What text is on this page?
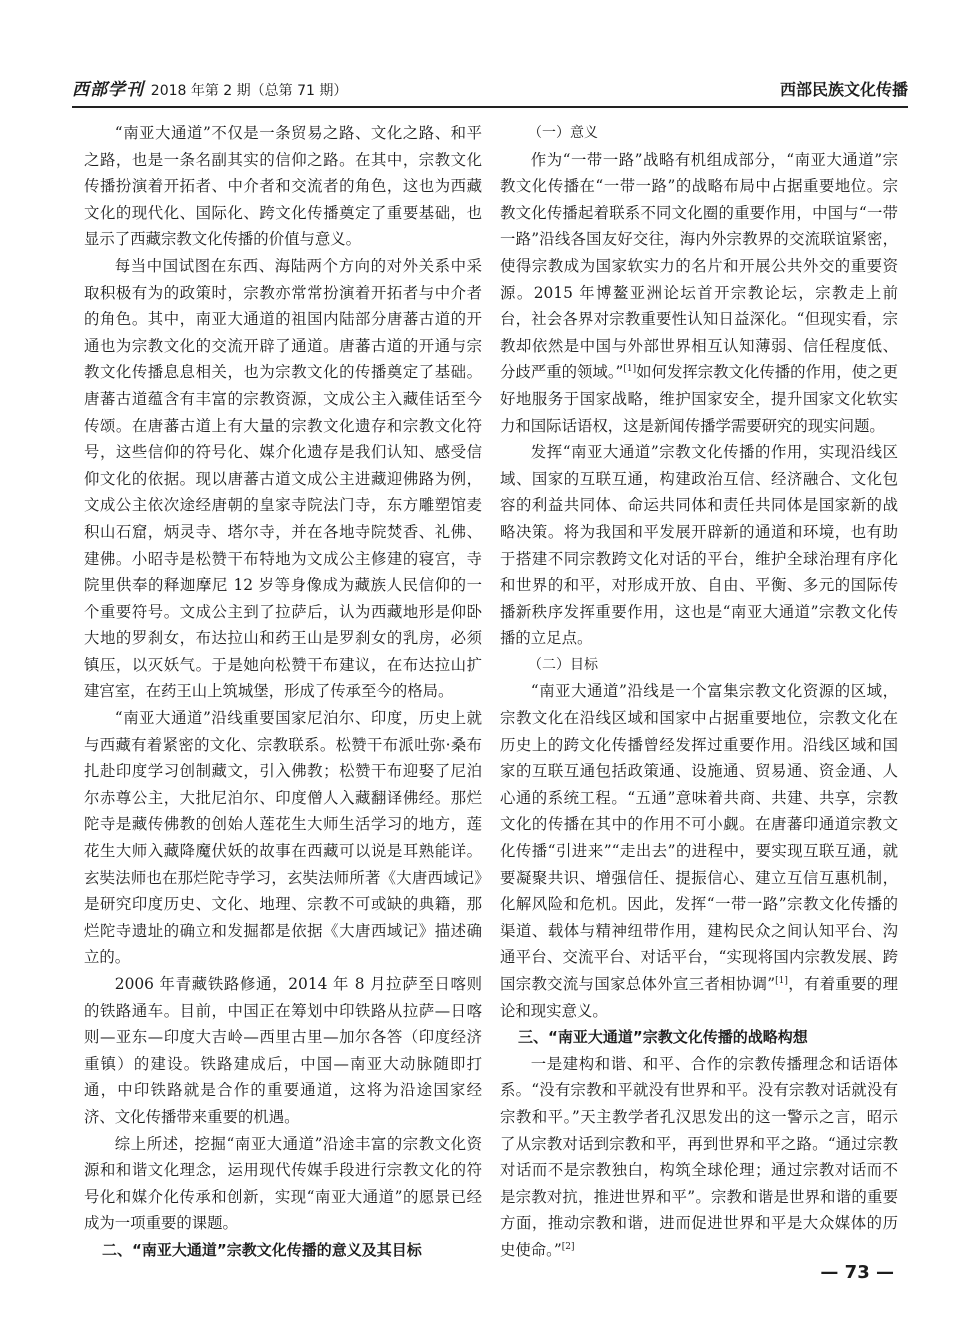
西部学刊 2018 年第 2 期（总第 71 期）	西部民族文化传播

“南亚大通道”不仅是一条贸易之路、文化之路、和平之路，也是一条名副其实的信仰之路。在其中，宗教文化传播扮演着开拓者、中介者和交流者的角色，这也为西藏文化的现代化、国际化、跨文化传播奠定了重要基础，也显示了西藏宗教文化传播的价值与意义。

每当中国试图在东西、海陆两个方向的对外关系中采取积极有为的政策时，宗教亦常常扮演着开拓者与中介者的角色。其中，南亚大通道的祖国内陆部分唐蕃古道的开通也为宗教文化的交流开辟了通道。唐蕃古道的开通与宗教文化传播息息相关，也为宗教文化的传播奠定了基础。唐蕃古道蕴含有丰富的宗教资源，文成公主入藏佳话至今传颂。在唐蕃古道上有大量的宗教文化遗存和宗教文化符号，这些信仰的符号化、媒介化遗存是我们认知、感受信仰文化的依据。现以唐蕃古道文成公主进藏迎佛路为例，文成公主依次途经唐朝的皇家寺院法门寺，东方雕塑馆麦积山石窟，炳灵寺、塔尔寺，并在各地寺院焚香、礼佛、建佛。小昭寺是松赞干布特地为文成公主修建的寝宫，寺院里供奉的释迦摩尼 12 岁等身像成为藏族人民信仰的一个重要符号。文成公主到了拉萨后，认为西藏地形是仰卧大地的罗刹女，布达拉山和药王山是罗刹女的乳房，必须镇压，以灭妖气。于是她向松赞干布建议，在布达拉山扩建宫室，在药王山上筑城堡，形成了传承至今的格局。

“南亚大通道”沿线重要国家尼泊尔、印度，历史上就与西藏有着紧密的文化、宗教联系。松赞干布派吐弥·桑布扎赴印度学习创制藏文，引入佛教；松赞干布迎娶了尼泊尔赤尊公主，大批尼泊尔、印度僧人入藏翻译佛经。那烂陀寺是藏传佛教的创始人莲花生大师生活学习的地方，莲花生大师入藏降魔伏妖的故事在西藏可以说是耳熟能详。玄奘法师也在那烂陀寺学习，玄奘法师所著《大唐西域记》是研究印度历史、文化、地理、宗教不可或缺的典籍，那烂陀寺遗址的确立和发掘都是依据《大唐西域记》描述确立的。

2006 年青藏铁路修通，2014 年 8 月拉萨至日喀则的铁路通车。目前，中国正在筹划中印铁路从拉萨—日喀则—亚东—印度大吉岭—西里古里—加尔各答（印度经济重镇）的建设。铁路建成后，中国—南亚大动脉随即打通，中印铁路就是合作的重要通道，这将为沿途国家经济、文化传播带来重要的机遇。

综上所述，挖掘“南亚大通道”沿途丰富的宗教文化资源和和谐文化理念，运用现代传媒手段进行宗教文化的符号化和媒介化传承和创新，实现“南亚大通道”的愿景已经成为一项重要的课题。

二、“南亚大通道”宗教文化传播的意义及其目标
（一）意义

作为“一带一路”战略有机组成部分，“南亚大通道”宗教文化传播在“一带一路”的战略布局中占据重要地位。宗教文化传播起着联系不同文化圈的重要作用，中国与“一带一路”沿线各国友好交往，海内外宗教界的交流联谊紧密，使得宗教成为国家软实力的名片和开展公共外交的重要资源。2015 年博鳌亚洲论坛首开宗教论坛，宗教走上前台，社会各界对宗教重要性认知日益深化。“但现实看，宗教却依然是中国与外部世界相互认知薄弱、信任程度低、分歧严重的领域。”[1]如何发挥宗教文化传播的作用，使之更好地服务于国家战略，维护国家安全，提升国家文化软实力和国际话语权，这是新闻传播学需要研究的现实问题。

发挥“南亚大通道”宗教文化传播的作用，实现沿线区域、国家的互联互通，构建政治互信、经济融合、文化包容的利益共同体、命运共同体和责任共同体是国家新的战略决策。将为我国和平发展开辟新的通道和环境，也有助于搭建不同宗教跨文化对话的平台，维护全球治理有序化和世界的和平，对形成开放、自由、平衡、多元的国际传播新秩序发挥重要作用，这也是“南亚大通道”宗教文化传播的立足点。

（二）目标

“南亚大通道”沿线是一个富集宗教文化资源的区域，宗教文化在沿线区域和国家中占据重要地位，宗教文化在历史上的跨文化传播曾经发挥过重要作用。沿线区域和国家的互联互通包括政策通、设施通、贸易通、资金通、人心通的系统工程。“五通”意味着共商、共建、共享，宗教文化的传播在其中的作用不可小觑。在唐蕃印通道宗教文化传播“引进来”“走出去”的进程中，要实现互联互通，就要凝聚共识、增强信任、提振信心、建立互信互惠机制，化解风险和危机。因此，发挥“一带一路”宗教文化传播的渠道、载体与精神纽带作用，建构民众之间认知平台、沟通平台、交流平台、对话平台，“实现将国内宗教发展、跨国宗教交流与国家总体外宣三者相协调”[1]，有着重要的理论和现实意义。

三、“南亚大通道”宗教文化传播的战略构想

一是建构和谐、和平、合作的宗教传播理念和话语体系。“没有宗教和平就没有世界和平。没有宗教对话就没有宗教和平。”天主教学者孔汉思发出的这一警示之言，昭示了从宗教对话到宗教和平，再到世界和平之路。“通过宗教对话而不是宗教独白，构筑全球伦理；通过宗教对话而不是宗教对抗，推进世界和平”。宗教和谐是世界和谐的重要方面，推动宗教和谐，进而促进世界和平是大众媒体的历史使命。”[2]

— 73 —
